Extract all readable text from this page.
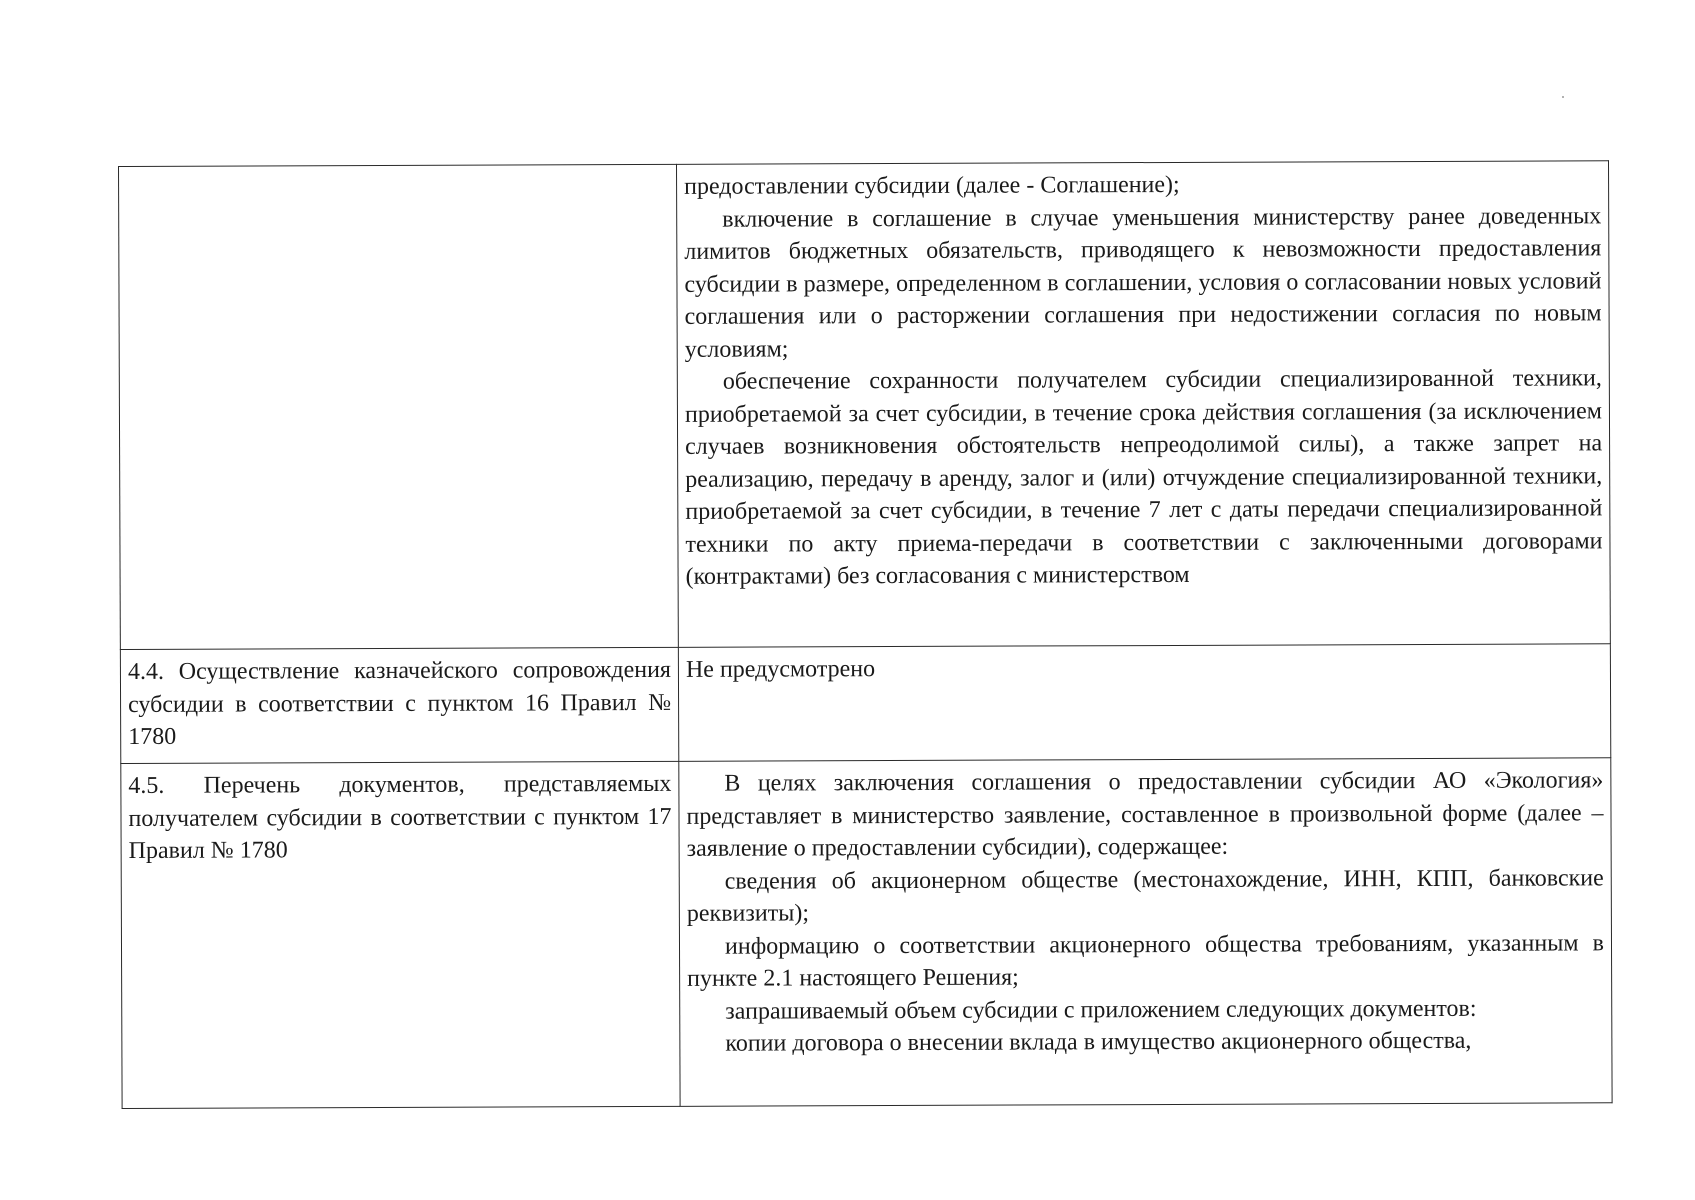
	предоставлении субсидии (далее - Соглашение);

включение в соглашение в случае уменьшения министерству ранее доведенных лимитов бюджетных обязательств, приводящего к невозможности предоставления субсидии в размере, определенном в соглашении, условия о согласовании новых условий соглашения или о расторжении соглашения при недостижении согласия по новым условиям;

обеспечение сохранности получателем субсидии специализированной техники, приобретаемой за счет субсидии, в течение срока действия соглашения (за исключением случаев возникновения обстоятельств непреодолимой силы), а также запрет на реализацию, передачу в аренду, залог и (или) отчуждение специализированной техники, приобретаемой за счет субсидии, в течение 7 лет с даты передачи специализированной техники по акту приема-передачи в соответствии с заключенными договорами (контрактами) без согласования с министерством

4.4. Осуществление казначейского сопровождения субсидии в соответствии с пунктом 16 Правил № 1780	Не предусмотрено

4.5. Перечень документов, представляемых получателем субсидии в соответствии с пунктом 17 Правил № 1780	В целях заключения соглашения о предоставлении субсидии АО «Экология» представляет в министерство заявление, составленное в произвольной форме (далее – заявление о предоставлении субсидии), содержащее:

сведения об акционерном обществе (местонахождение, ИНН, КПП, банковские реквизиты);

информацию о соответствии акционерного общества требованиям, указанным в пункте 2.1 настоящего Решения;

запрашиваемый объем субсидии с приложением следующих документов:

копии договора о внесении вклада в имущество акционерного общества,
